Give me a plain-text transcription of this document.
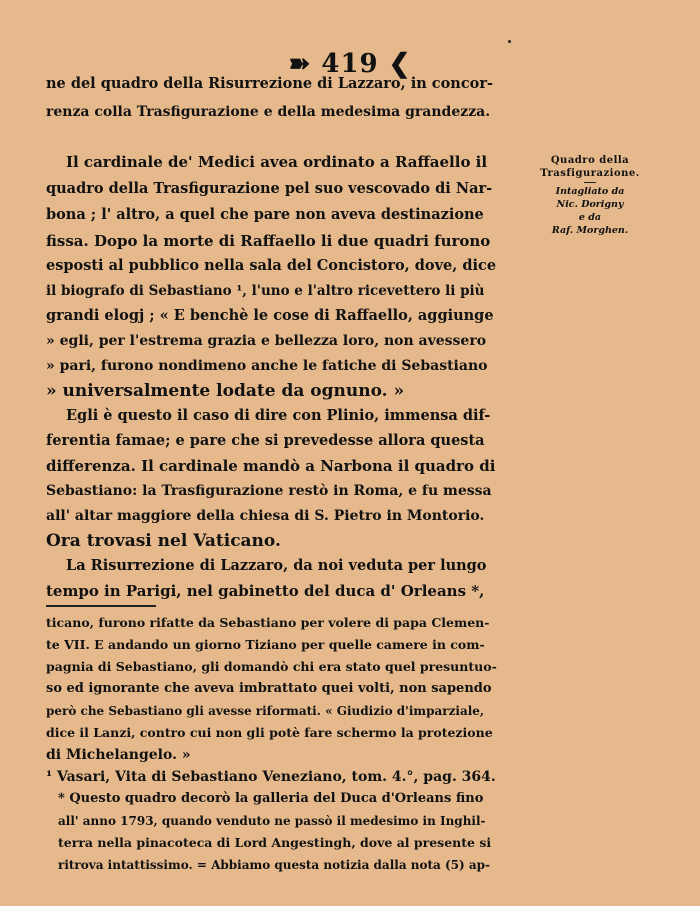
➽ 419 ❮
ne del quadro della Risurrezione di Lazzaro, in concor-
renza colla Trasfigurazione e della medesima grandezza.
Il cardinale de' Medici avea ordinato a Raffaello il
quadro della Trasfigurazione pel suo vescovado di Nar-
bona ; l' altro, a quel che pare non aveva destinazione
fissa. Dopo la morte di Raffaello li due quadri furono
esposti al pubblico nella sala del Concistoro, dove, dice
il biografo di Sebastiano ¹, l'uno e l'altro ricevettero li più
grandi elogj ; « E benchè le cose di Raffaello, aggiunge
» egli, per l'estrema grazia e bellezza loro, non avessero
» pari, furono nondimeno anche le fatiche di Sebastiano
» universalmente lodate da ognuno. »
Egli è questo il caso di dire con Plinio, immensa dif-
ferentia famae; e pare che si prevedesse allora questa
differenza. Il cardinale mandò a Narbona il quadro di
Sebastiano: la Trasfigurazione restò in Roma, e fu messa
all' altar maggiore della chiesa di S. Pietro in Montorio.
Ora trovasi nel Vaticano.
La Risurrezione di Lazzaro, da noi veduta per lungo
tempo in Parigi, nel gabinetto del duca d' Orleans *,
Quadro della
Trasfigurazione.
Intagliato da
Nic. Dorigny
e da
Raf. Morghen.
ticano, furono rifatte da Sebastiano per volere di papa Clemen-
te VII. E andando un giorno Tiziano per quelle camere in com-
pagnia di Sebastiano, gli domandò chi era stato quel presuntuo-
so ed ignorante che aveva imbrattato quei volti, non sapendo
però che Sebastiano gli avesse riformati. « Giudizio d'imparziale,
dice il Lanzi, contro cui non gli potè fare schermo la protezione
di Michelangelo. »
¹ Vasari, Vita di Sebastiano Veneziano, tom. 4.°, pag. 364.
* Questo quadro decorò la galleria del Duca d'Orleans fino
all' anno 1793, quando venduto ne passò il medesimo in Inghil-
terra nella pinacoteca di Lord Angestingh, dove al presente si
ritrova intattissimo. = Abbiamo questa notizia dalla nota (5) ap-
